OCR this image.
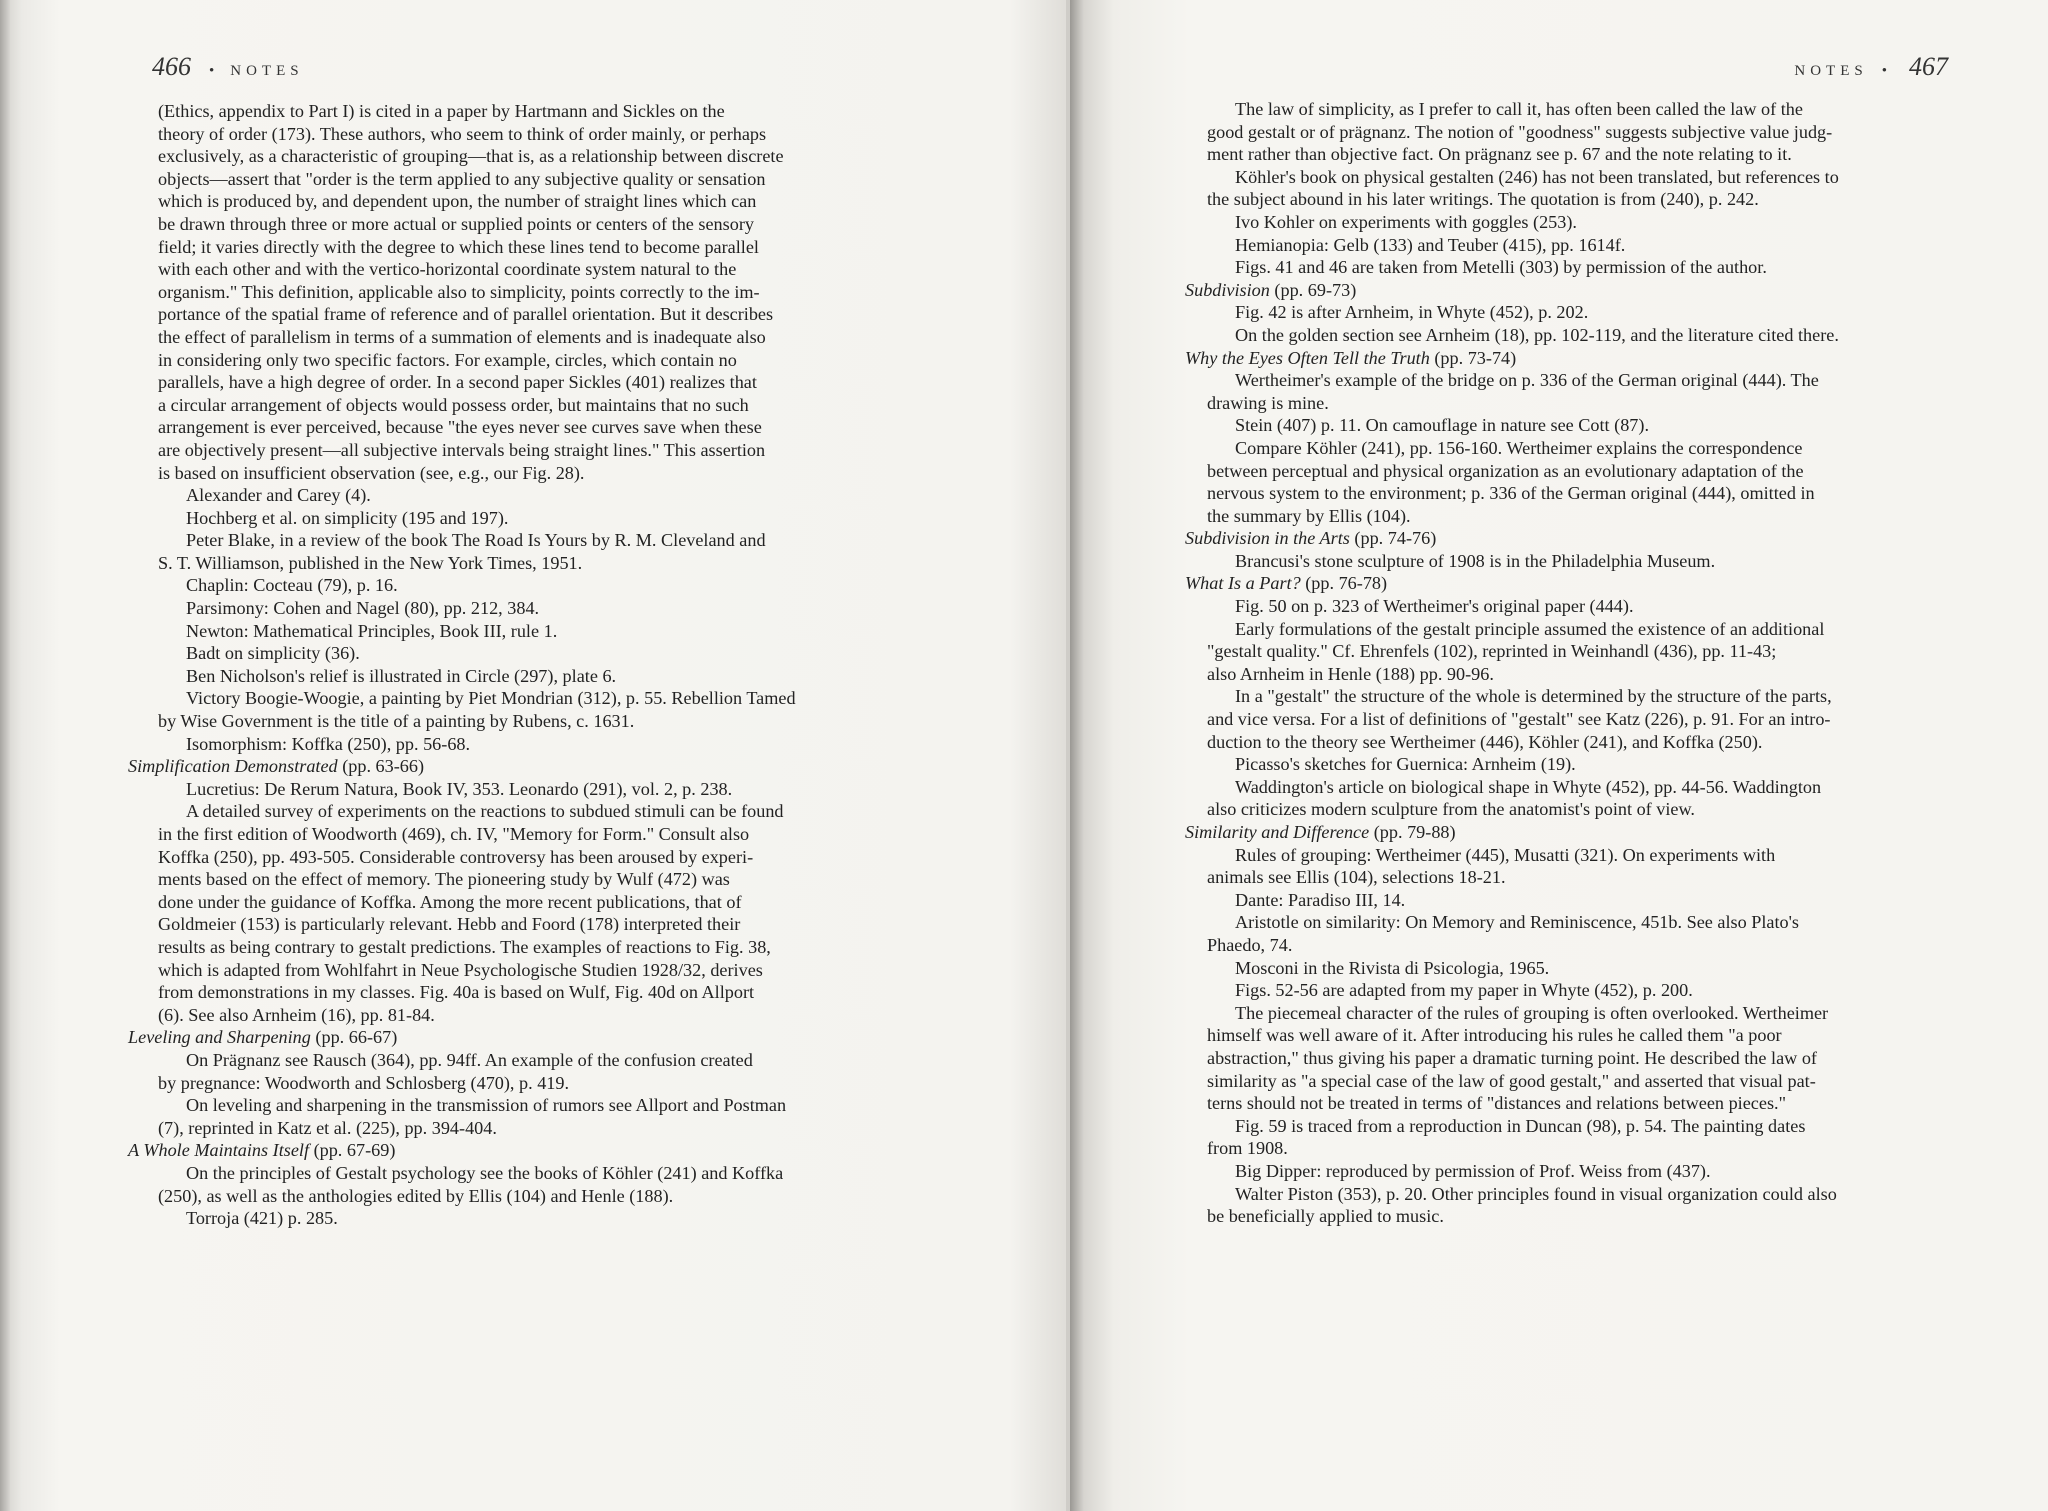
466 • NOTES
(Ethics, appendix to Part I) is cited in a paper by Hartmann and Sickles on the
theory of order (173). These authors, who seem to think of order mainly, or perhaps
exclusively, as a characteristic of grouping—that is, as a relationship between discrete
objects—assert that "order is the term applied to any subjective quality or sensation
which is produced by, and dependent upon, the number of straight lines which can
be drawn through three or more actual or supplied points or centers of the sensory
field; it varies directly with the degree to which these lines tend to become parallel
with each other and with the vertico-horizontal coordinate system natural to the
organism." This definition, applicable also to simplicity, points correctly to the im-
portance of the spatial frame of reference and of parallel orientation. But it describes
the effect of parallelism in terms of a summation of elements and is inadequate also
in considering only two specific factors. For example, circles, which contain no
parallels, have a high degree of order. In a second paper Sickles (401) realizes that
a circular arrangement of objects would possess order, but maintains that no such
arrangement is ever perceived, because "the eyes never see curves save when these
are objectively present—all subjective intervals being straight lines." This assertion
is based on insufficient observation (see, e.g., our Fig. 28).

Alexander and Carey (4).

Hochberg et al. on simplicity (195 and 197).

Peter Blake, in a review of the book The Road Is Yours by R. M. Cleveland and

S. T. Williamson, published in the New York Times, 1951.

Chaplin: Cocteau (79), p. 16.

Parsimony: Cohen and Nagel (80), pp. 212, 384.

Newton: Mathematical Principles, Book III, rule 1.

Badt on simplicity (36).

Ben Nicholson's relief is illustrated in Circle (297), plate 6.

Victory Boogie-Woogie, a painting by Piet Mondrian (312), p. 55. Rebellion Tamed

by Wise Government is the title of a painting by Rubens, c. 1631.

Isomorphism: Koffka (250), pp. 56-68.

Simplification Demonstrated (pp. 63-66)

Lucretius: De Rerum Natura, Book IV, 353. Leonardo (291), vol. 2, p. 238.

A detailed survey of experiments on the reactions to subdued stimuli can be found

in the first edition of Woodworth (469), ch. IV, "Memory for Form." Consult also

Koffka (250), pp. 493-505. Considerable controversy has been aroused by experi-

ments based on the effect of memory. The pioneering study by Wulf (472) was

done under the guidance of Koffka. Among the more recent publications, that of

Goldmeier (153) is particularly relevant. Hebb and Foord (178) interpreted their

results as being contrary to gestalt predictions. The examples of reactions to Fig. 38,

which is adapted from Wohlfahrt in Neue Psychologische Studien 1928/32, derives

from demonstrations in my classes. Fig. 40a is based on Wulf, Fig. 40d on Allport

(6). See also Arnheim (16), pp. 81-84.

Leveling and Sharpening (pp. 66-67)

On Prägnanz see Rausch (364), pp. 94ff. An example of the confusion created

by pregnance: Woodworth and Schlosberg (470), p. 419.

On leveling and sharpening in the transmission of rumors see Allport and Postman

(7), reprinted in Katz et al. (225), pp. 394-404.

A Whole Maintains Itself (pp. 67-69)

On the principles of Gestalt psychology see the books of Köhler (241) and Koffka

(250), as well as the anthologies edited by Ellis (104) and Henle (188).

Torroja (421) p. 285.

NOTES • 467

The law of simplicity, as I prefer to call it, has often been called the law of the

good gestalt or of prägnanz. The notion of "goodness" suggests subjective value judg-

ment rather than objective fact. On prägnanz see p. 67 and the note relating to it.

Köhler's book on physical gestalten (246) has not been translated, but references to

the subject abound in his later writings. The quotation is from (240), p. 242.

Ivo Kohler on experiments with goggles (253).

Hemianopia: Gelb (133) and Teuber (415), pp. 1614f.

Figs. 41 and 46 are taken from Metelli (303) by permission of the author.

Subdivision (pp. 69-73)

Fig. 42 is after Arnheim, in Whyte (452), p. 202.

On the golden section see Arnheim (18), pp. 102-119, and the literature cited there.

Why the Eyes Often Tell the Truth (pp. 73-74)

Wertheimer's example of the bridge on p. 336 of the German original (444). The

drawing is mine.

Stein (407) p. 11. On camouflage in nature see Cott (87).

Compare Köhler (241), pp. 156-160. Wertheimer explains the correspondence

between perceptual and physical organization as an evolutionary adaptation of the

nervous system to the environment; p. 336 of the German original (444), omitted in

the summary by Ellis (104).

Subdivision in the Arts (pp. 74-76)

Brancusi's stone sculpture of 1908 is in the Philadelphia Museum.

What Is a Part? (pp. 76-78)

Fig. 50 on p. 323 of Wertheimer's original paper (444).

Early formulations of the gestalt principle assumed the existence of an additional

"gestalt quality." Cf. Ehrenfels (102), reprinted in Weinhandl (436), pp. 11-43;

also Arnheim in Henle (188) pp. 90-96.

In a "gestalt" the structure of the whole is determined by the structure of the parts,

and vice versa. For a list of definitions of "gestalt" see Katz (226), p. 91. For an intro-

duction to the theory see Wertheimer (446), Köhler (241), and Koffka (250).

Picasso's sketches for Guernica: Arnheim (19).

Waddington's article on biological shape in Whyte (452), pp. 44-56. Waddington

also criticizes modern sculpture from the anatomist's point of view.

Similarity and Difference (pp. 79-88)

Rules of grouping: Wertheimer (445), Musatti (321). On experiments with

animals see Ellis (104), selections 18-21.

Dante: Paradiso III, 14.

Aristotle on similarity: On Memory and Reminiscence, 451b. See also Plato's

Phaedo, 74.

Mosconi in the Rivista di Psicologia, 1965.

Figs. 52-56 are adapted from my paper in Whyte (452), p. 200.

The piecemeal character of the rules of grouping is often overlooked. Wertheimer

himself was well aware of it. After introducing his rules he called them "a poor

abstraction," thus giving his paper a dramatic turning point. He described the law of

similarity as "a special case of the law of good gestalt," and asserted that visual pat-

terns should not be treated in terms of "distances and relations between pieces."

Fig. 59 is traced from a reproduction in Duncan (98), p. 54. The painting dates

from 1908.

Big Dipper: reproduced by permission of Prof. Weiss from (437).

Walter Piston (353), p. 20. Other principles found in visual organization could also

be beneficially applied to music.
